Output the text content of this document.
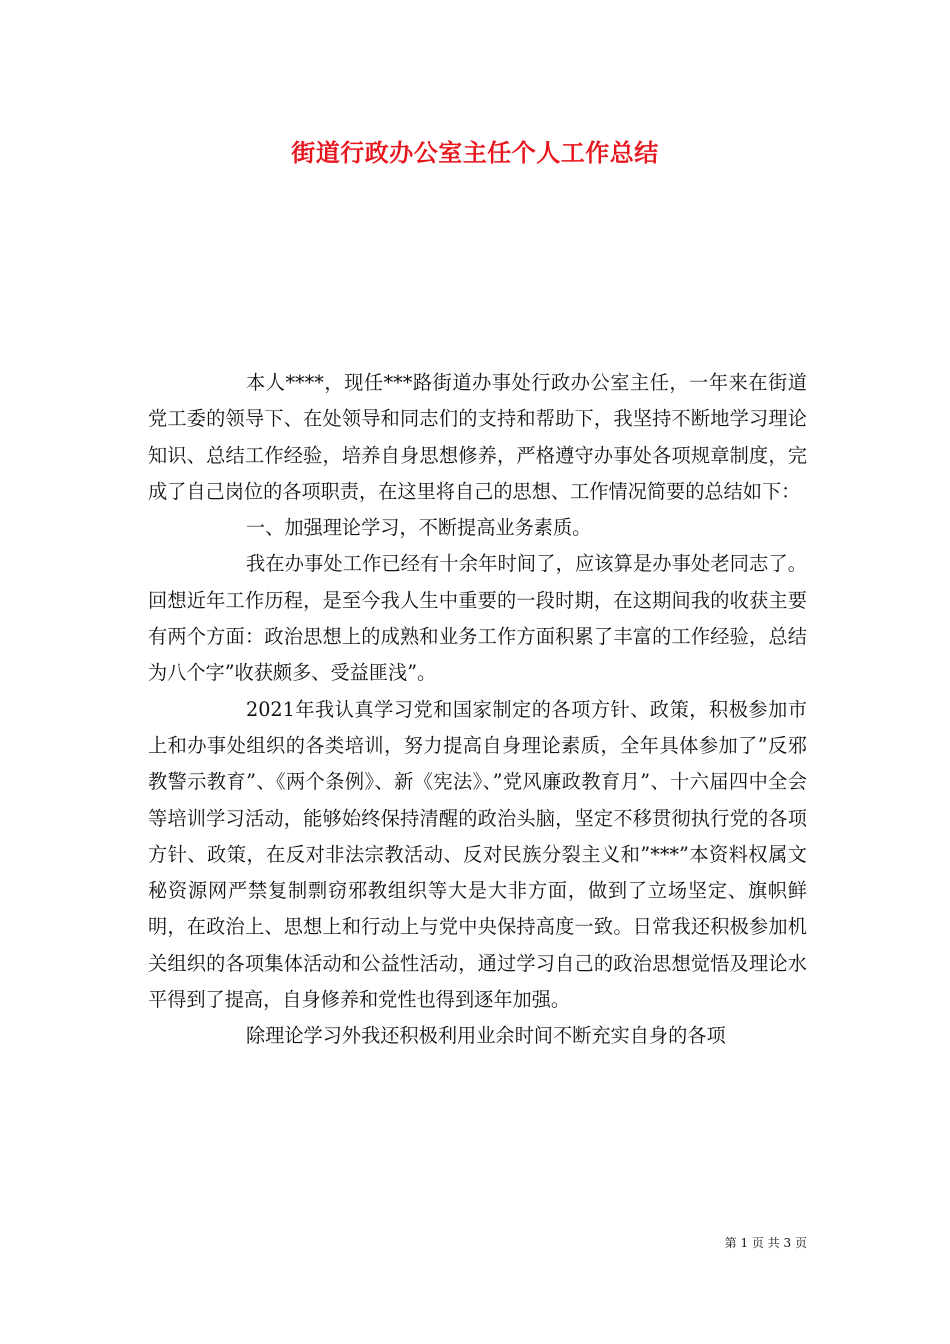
街道行政办公室主任个人工作总结

本人****，现任***路街道办事处行政办公室主任，一年来在街道党工委的领导下、在处领导和同志们的支持和帮助下，我坚持不断地学习理论知识、总结工作经验，培养自身思想修养，严格遵守办事处各项规章制度，完成了自己岗位的各项职责，在这里将自己的思想、工作情况简要的总结如下：

一、加强理论学习，不断提高业务素质。

我在办事处工作已经有十余年时间了，应该算是办事处老同志了。回想近年工作历程，是至今我人生中重要的一段时期，在这期间我的收获主要有两个方面：政治思想上的成熟和业务工作方面积累了丰富的工作经验，总结为八个字”收获颇多、受益匪浅”。

2021年我认真学习党和国家制定的各项方针、政策，积极参加市上和办事处组织的各类培训，努力提高自身理论素质，全年具体参加了”反邪教警示教育”、《两个条例》、新《宪法》、”党风廉政教育月”、十六届四中全会等培训学习活动，能够始终保持清醒的政治头脑，坚定不移贯彻执行党的各项方针、政策，在反对非法宗教活动、反对民族分裂主义和”***”本资料权属文秘资源网严禁复制剽窃邪教组织等大是大非方面，做到了立场坚定、旗帜鲜明，在政治上、思想上和行动上与党中央保持高度一致。日常我还积极参加机关组织的各项集体活动和公益性活动，通过学习自己的政治思想觉悟及理论水平得到了提高，自身修养和党性也得到逐年加强。

除理论学习外我还积极利用业余时间不断充实自身的各项

第 1 页 共 3 页
